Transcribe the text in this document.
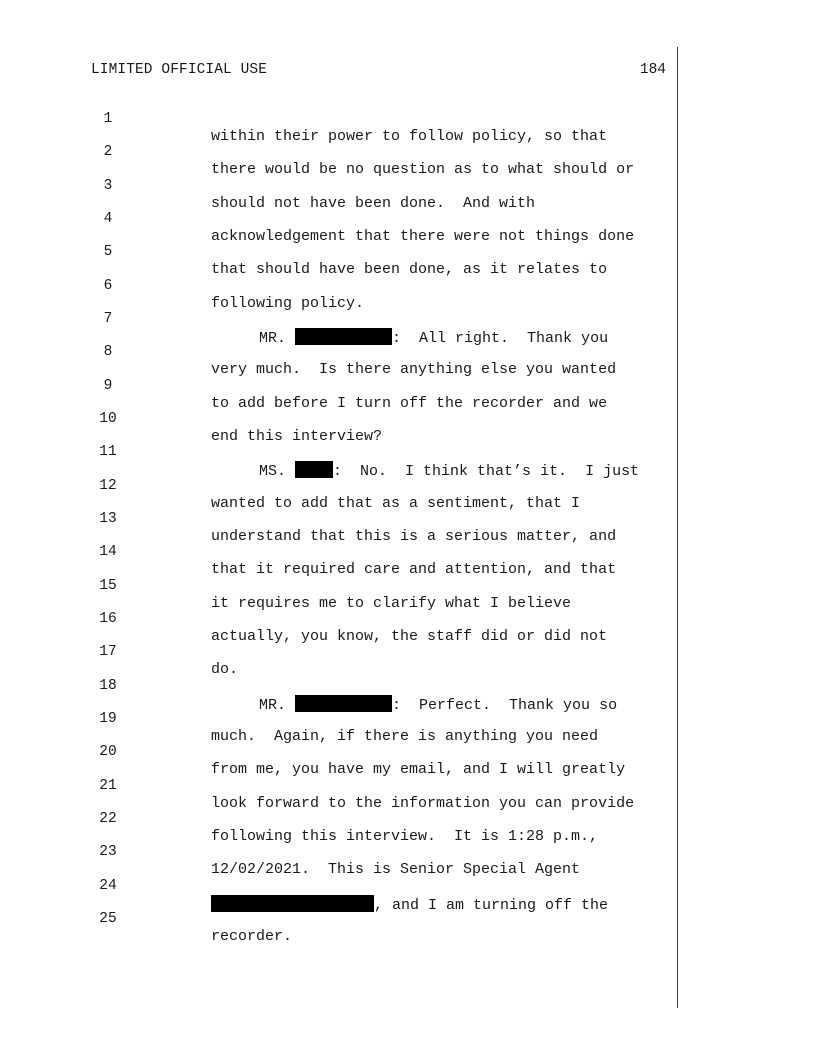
LIMITED OFFICIAL USE	184

1

within their power to follow policy, so that

2

there would be no question as to what should or

3

should not have been done.  And with

4

acknowledgement that there were not things done

5

that should have been done, as it relates to

6

following policy.

7

MR.	:  All right.  Thank you

8

very much.  Is there anything else you wanted

9

to add before I turn off the recorder and we

10

end this interview?

11

MS.	:  No.  I think that’s it.  I just

12

wanted to add that as a sentiment, that I

13

understand that this is a serious matter, and

14

that it required care and attention, and that

15

it requires me to clarify what I believe

16

actually, you know, the staff did or did not

17

do.

18

MR.	:  Perfect.  Thank you so

19

much.  Again, if there is anything you need

20

from me, you have my email, and I will greatly

21

look forward to the information you can provide

22

following this interview.  It is 1:28 p.m.,

23

12/02/2021.  This is Senior Special Agent

24

, and I am turning off the

25

recorder.
